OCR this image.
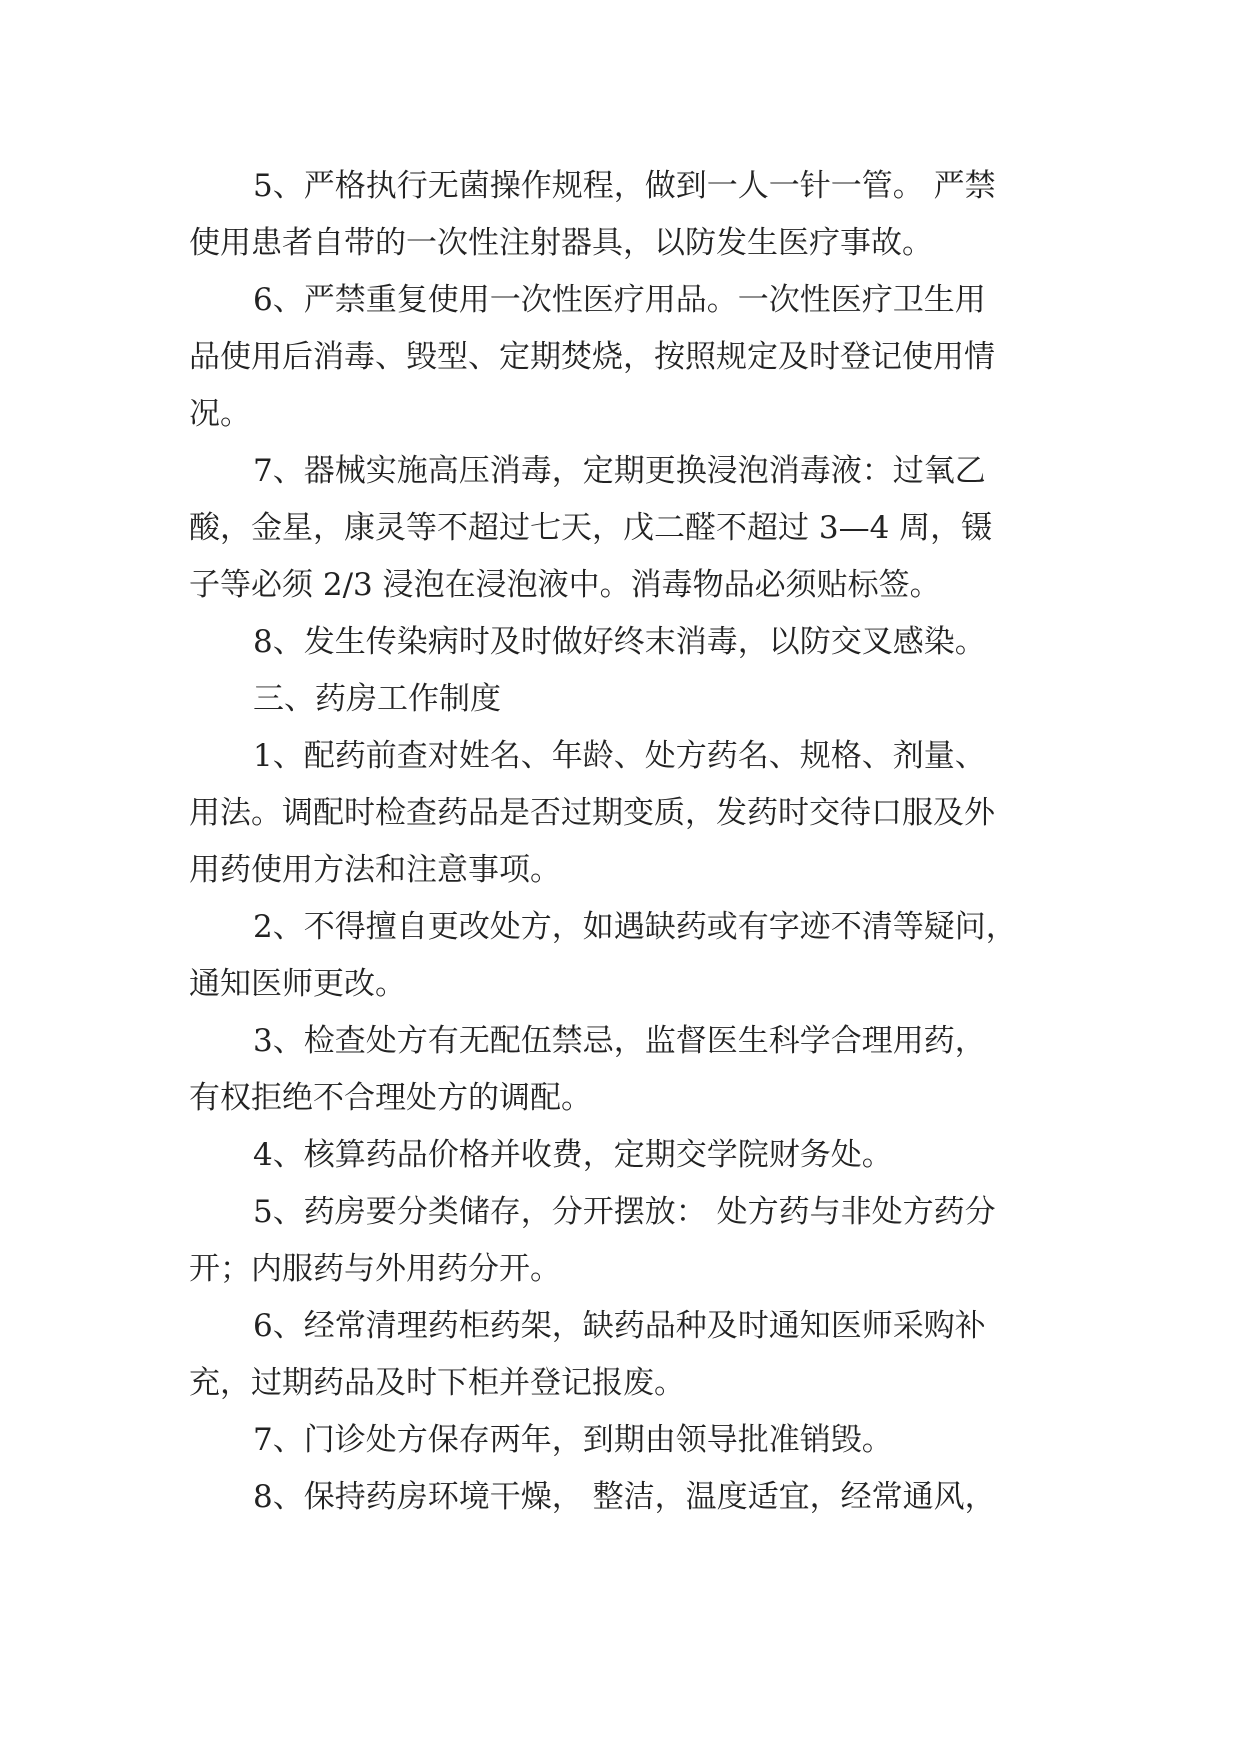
5、严格执行无菌操作规程，做到一人一针一管。 严禁
使用患者自带的一次性注射器具，以防发生医疗事故。
6、严禁重复使用一次性医疗用品。一次性医疗卫生用
品使用后消毒、毁型、定期焚烧，按照规定及时登记使用情
况。
7、器械实施高压消毒，定期更换浸泡消毒液：过氧乙
酸，金星，康灵等不超过七天，戊二醛不超过 3—4 周，镊
子等必须 2/3 浸泡在浸泡液中。消毒物品必须贴标签。
8、发生传染病时及时做好终末消毒，以防交叉感染。
三、药房工作制度
1、配药前查对姓名、年龄、处方药名、规格、剂量、
用法。调配时检查药品是否过期变质，发药时交待口服及外
用药使用方法和注意事项。
2、不得擅自更改处方，如遇缺药或有字迹不清等疑问，
通知医师更改。
3、检查处方有无配伍禁忌，监督医生科学合理用药，
有权拒绝不合理处方的调配。
4、核算药品价格并收费，定期交学院财务处。
5、药房要分类储存，分开摆放： 处方药与非处方药分
开；内服药与外用药分开。
6、经常清理药柜药架，缺药品种及时通知医师采购补
充，过期药品及时下柜并登记报废。
7、门诊处方保存两年，到期由领导批准销毁。
8、保持药房环境干燥， 整洁，温度适宜，经常通风，
